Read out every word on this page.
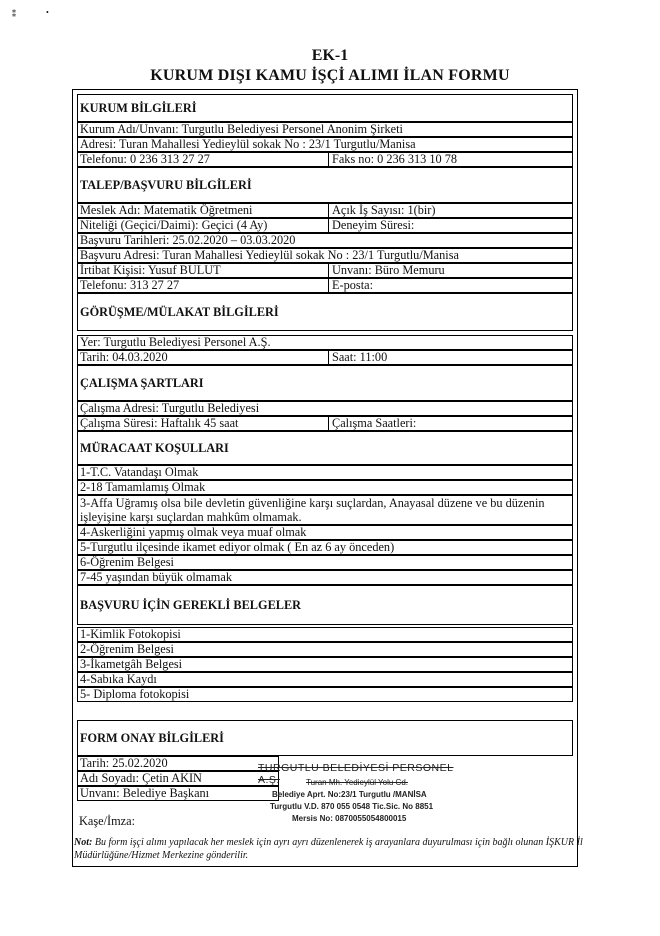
EK-1
KURUM DIŞI KAMU İŞÇİ ALIMI İLAN FORMU
KURUM BİLGİLERİ
Kurum Adı/Unvanı: Turgutlu Belediyesi Personel Anonim Şirketi
Adresi: Turan Mahallesi Yedieylül sokak No : 23/1 Turgutlu/Manisa
Telefonu: 0 236 313 27 27	Faks no: 0 236 313 10 78
TALEP/BAŞVURU BİLGİLERİ
Meslek Adı: Matematik Öğretmeni	Açık İş Sayısı: 1(bir)
Niteliği (Geçici/Daimi): Geçici (4 Ay)	Deneyim Süresi:
Başvuru Tarihleri: 25.02.2020 – 03.03.2020
Başvuru Adresi: Turan Mahallesi Yedieylül sokak No : 23/1 Turgutlu/Manisa
İrtibat Kişisi: Yusuf BULUT	Unvanı: Büro Memuru
Telefonu: 313 27 27	E-posta:
GÖRÜŞME/MÜLAKAT BİLGİLERİ
Yer: Turgutlu Belediyesi Personel A.Ş.
Tarih: 04.03.2020	Saat: 11:00
ÇALIŞMA ŞARTLARI
Çalışma Adresi: Turgutlu Belediyesi
Çalışma Süresi: Haftalık 45 saat	Çalışma Saatleri:
MÜRACAAT KOŞULLARI
1-T.C. Vatandaşı Olmak
2-18 Tamamlamış Olmak
3-Affa Uğramış olsa bile devletin güvenliğine karşı suçlardan, Anayasal düzene ve bu düzenin işleyişine karşı suçlardan mahkûm olmamak.
4-Askerliğini yapmış olmak veya muaf olmak
5-Turgutlu ilçesinde ikamet ediyor olmak ( En az 6 ay önceden)
6-Öğrenim Belgesi
7-45 yaşından büyük olmamak
BAŞVURU İÇİN GEREKLİ BELGELER
1-Kimlik Fotokopisi
2-Öğrenim Belgesi
3-İkametgâh Belgesi
4-Sabıka Kaydı
5- Diploma fotokopisi
FORM ONAY BİLGİLERİ
Tarih: 25.02.2020
Adı Soyadı: Çetin AKIN
Unvanı: Belediye Başkanı
Kaşe/İmza:
TURGUTLU BELEDİYESİ PERSONEL A.Ş.	Turan Mh. Yedieylül Yolu Cd.
Belediye Aprt. No:23/1 Turgutlu /MANİSA
Turgutlu V.D. 870 055 0548 Tic.Sic. No 8851
Mersis No: 0870055054800015
Not: Bu form işçi alımı yapılacak her meslek için ayrı ayrı düzenlenerek iş arayanlara duyurulması için bağlı olunan İŞKUR İl Müdürlüğüne/Hizmet Merkezine gönderilir.
⁑	•
